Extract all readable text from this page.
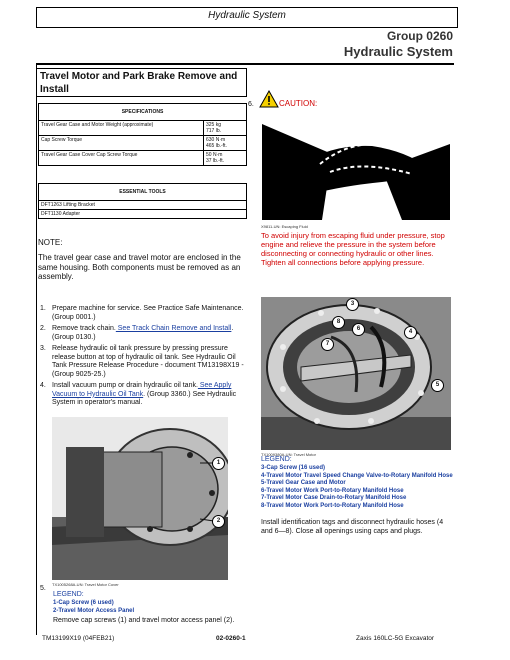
Hydraulic System
Group 0260
Hydraulic System
Travel Motor and Park Brake Remove and Install
SPECIFICATIONS	
Travel Gear Case and Motor Weight (approximate)	325 kg
717 lb.
Cap Screw Torque	630 N·m
465 lb.-ft.
Travel Gear Case Cover Cap Screw Torque	50 N·m
37 lb.-ft.
ESSENTIAL TOOLS
DFT1263 Lifting Bracket
DFT1130 Adapter
NOTE:
The travel gear case and travel motor are enclosed in the same housing. Both components must be removed as an assembly.
1. Prepare machine for service. See Practice Safe Maintenance. (Group 0001.)
2. Remove track chain. See Track Chain Remove and Install. (Group 0130.)
3. Release hydraulic oil tank pressure by pressing pressure release button at top of hydraulic oil tank. See Hydraulic Oil Tank Pressure Release Procedure - document TM13198X19 - (Group 9025-25.)
4. Install vacuum pump or drain hydraulic oil tank. See Apply Vacuum to Hydraulic Oil Tank. (Group 3360.) See Hydraulic System in operator's manual.
1
2
TX1005268A-UN: Travel Motor Cover
5.
LEGEND:
1-Cap Screw (6 used)
2-Travel Motor Access Panel
Remove cap screws (1) and travel motor access panel (2).
6.	CAUTION:
X9811-UN: Escaping Fluid
To avoid injury from escaping fluid under pressure, stop engine and relieve the pressure in the system before disconnecting or connecting hydraulic or other lines. Tighten all connections before applying pressure.
3
8
6	4
7
5
TX1009380A-UN: Travel Motor
LEGEND:
3-Cap Screw (16 used)
4-Travel Motor Travel Speed Change Valve-to-Rotary Manifold Hose
5-Travel Gear Case and Motor
6-Travel Motor Work Port-to-Rotary Manifold Hose
7-Travel Motor Case Drain-to-Rotary Manifold Hose
8-Travel Motor Work Port-to-Rotary Manifold Hose
Install identification tags and disconnect hydraulic hoses (4 and 6—8). Close all openings using caps and plugs.
TM13199X19 (04FEB21)	02-0260-1	Zaxis 160LC-5G Excavator
